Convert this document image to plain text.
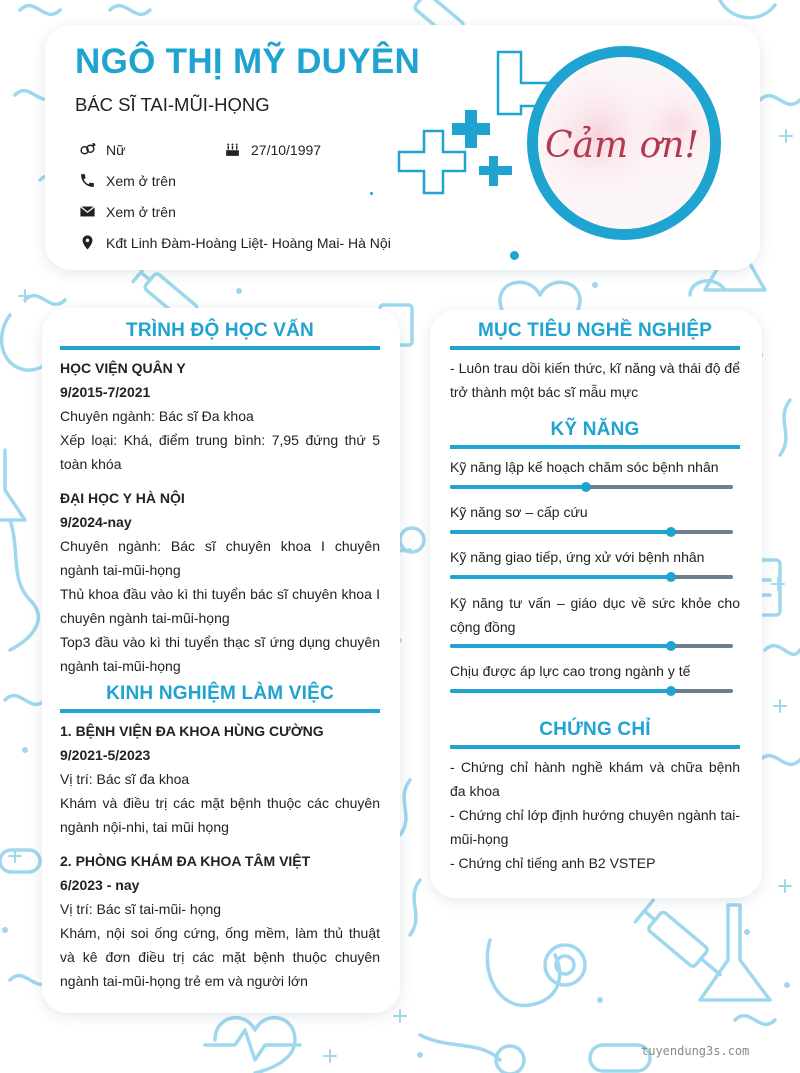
NGÔ THỊ MỸ DUYÊN
BÁC SĨ TAI-MŨI-HỌNG
Nữ	27/10/1997
Xem ở trên
Xem ở trên
Kđt Linh Đàm-Hoàng Liệt- Hoàng Mai- Hà Nội
Cảm ơn!
TRÌNH ĐỘ HỌC VẤN
HỌC VIỆN QUÂN Y
9/2015-7/2021
Chuyên ngành: Bác sĩ Đa khoa
Xếp loại: Khá, điểm trung bình: 7,95 đứng thứ 5 toàn khóa
ĐẠI HỌC Y HÀ NỘI
9/2024-nay
Chuyên ngành: Bác sĩ chuyên khoa I chuyên ngành tai-mũi-họng
Thủ khoa đầu vào kì thi tuyển bác sĩ chuyên khoa I chuyên ngành tai-mũi-họng
Top3 đầu vào kì thi tuyển thạc sĩ ứng dụng chuyên ngành tai-mũi-họng
KINH NGHIỆM LÀM VIỆC
1. BỆNH VIỆN ĐA KHOA HÙNG CƯỜNG
9/2021-5/2023
Vị trí: Bác sĩ đa khoa
Khám và điều trị các mặt bệnh thuộc các chuyên ngành nội-nhi, tai mũi họng
2. PHÒNG KHÁM ĐA KHOA TÂM VIỆT
6/2023 - nay
Vị trí: Bác sĩ tai-mũi- họng
Khám, nội soi ống cứng, ống mềm, làm thủ thuật và kê đơn điều trị các mặt bệnh thuộc chuyên ngành tai-mũi-họng trẻ em và người lớn
MỤC TIÊU NGHỀ NGHIỆP
- Luôn trau dồi kiến thức, kĩ năng và thái độ để trở thành một bác sĩ mẫu mực
KỸ NĂNG
Kỹ năng lập kế hoạch chăm sóc bệnh nhân
Kỹ năng sơ – cấp cứu
Kỹ năng giao tiếp, ứng xử với bệnh nhân
Kỹ năng tư vấn – giáo dục về sức khỏe cho cộng đồng
Chịu được áp lực cao trong ngành y tế
CHỨNG CHỈ
- Chứng chỉ hành nghề khám và chữa bệnh đa khoa
- Chứng chỉ lớp định hướng chuyên ngành tai-mũi-họng
- Chứng chỉ tiếng anh B2 VSTEP
tuyendung3s.com
